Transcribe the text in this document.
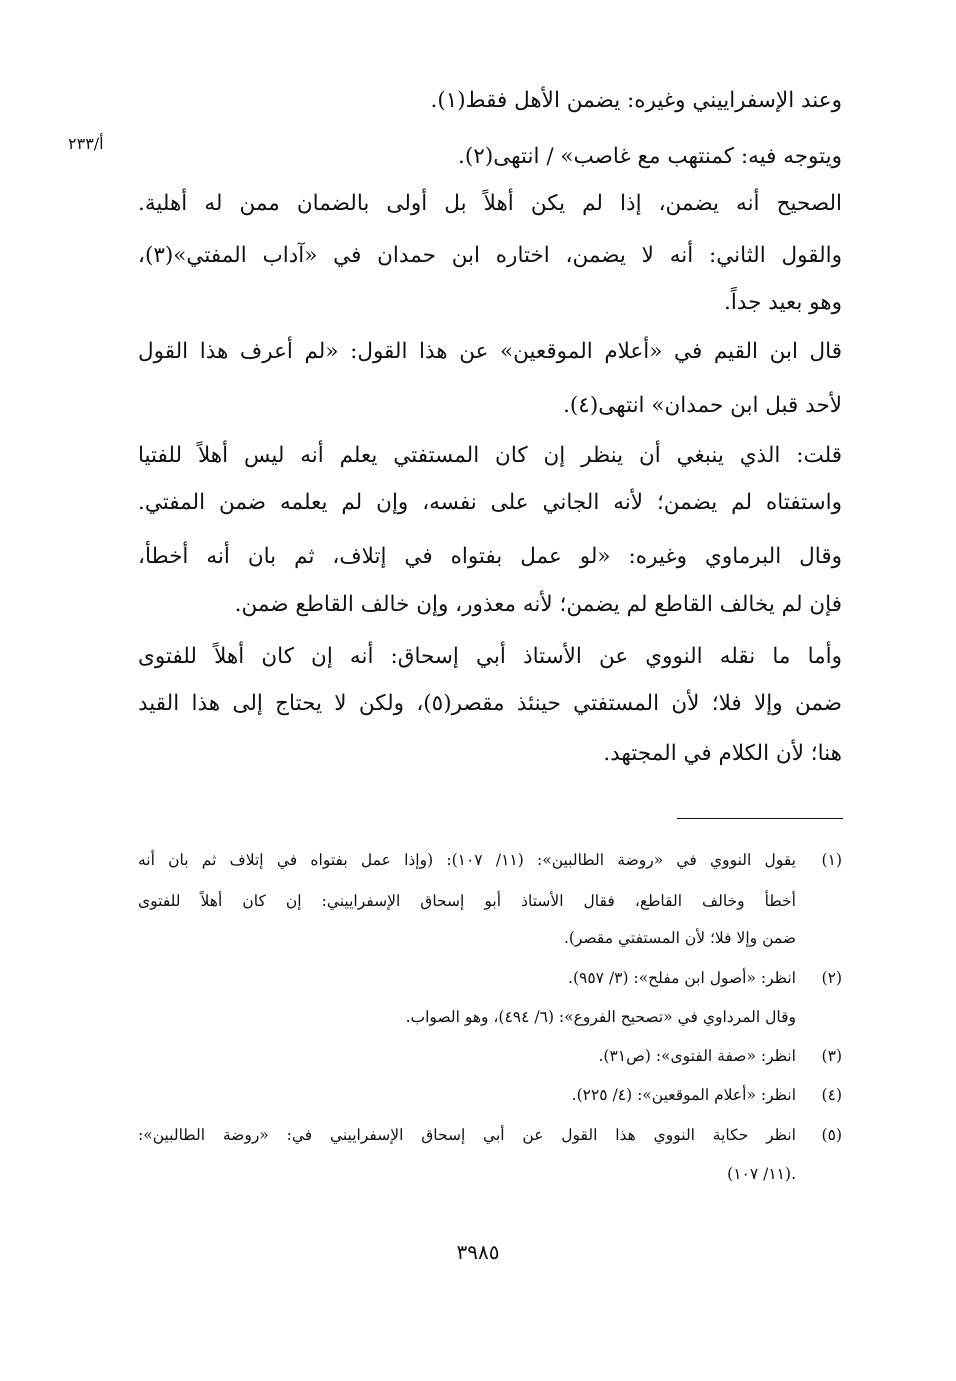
أ/٢٣٣
وعند الإسفراييني وغيره: يضمن الأهل فقط(١).
ويتوجه فيه: كمنتهب مع غاصب» / انتهى(٢).
الصحيح أنه يضمن، إذا لم يكن أهلاً بل أولى بالضمان ممن له أهلية.
والقول الثاني: أنه لا يضمن، اختاره ابن حمدان في «آداب المفتي»(٣)،
وهو بعيد جداً.
قال ابن القيم في «أعلام الموقعين» عن هذا القول: «لم أعرف هذا القول
لأحد قبل ابن حمدان» انتهى(٤).
قلت: الذي ينبغي أن ينظر إن كان المستفتي يعلم أنه ليس أهلاً للفتيا
واستفتاه لم يضمن؛ لأنه الجاني على نفسه، وإن لم يعلمه ضمن المفتي.
وقال البرماوي وغيره: «لو عمل بفتواه في إتلاف، ثم بان أنه أخطأ،
فإن لم يخالف القاطع لم يضمن؛ لأنه معذور، وإن خالف القاطع ضمن.
وأما ما نقله النووي عن الأستاذ أبي إسحاق: أنه إن كان أهلاً للفتوى
ضمن وإلا فلا؛ لأن المستفتي حينئذ مقصر(٥)، ولكن لا يحتاج إلى هذا القيد
هنا؛ لأن الكلام في المجتهد.
(١)
يقول النووي في «روضة الطالبين»: (١١/ ١٠٧): (وإذا عمل بفتواه في إتلاف ثم بان أنه
أخطأ وخالف القاطع، فقال الأستاذ أبو إسحاق الإسفراييني: إن كان أهلاً للفتوى
ضمن وإلا فلا؛ لأن المستفتي مقصر).
(٢)
انظر: «أصول ابن مفلح»: (٣/ ٩٥٧).
وقال المرداوي في «تصحيح الفروع»: (٦/ ٤٩٤)، وهو الصواب.
(٣)
انظر: «صفة الفتوى»: (ص٣١).
(٤)
انظر: «أعلام الموقعين»: (٤/ ٢٢٥).
(٥)
انظر حكاية النووي هذا القول عن أبي إسحاق الإسفراييني في: «روضة الطالبين»:
(١١/ ١٠٧).
٣٩٨٥
